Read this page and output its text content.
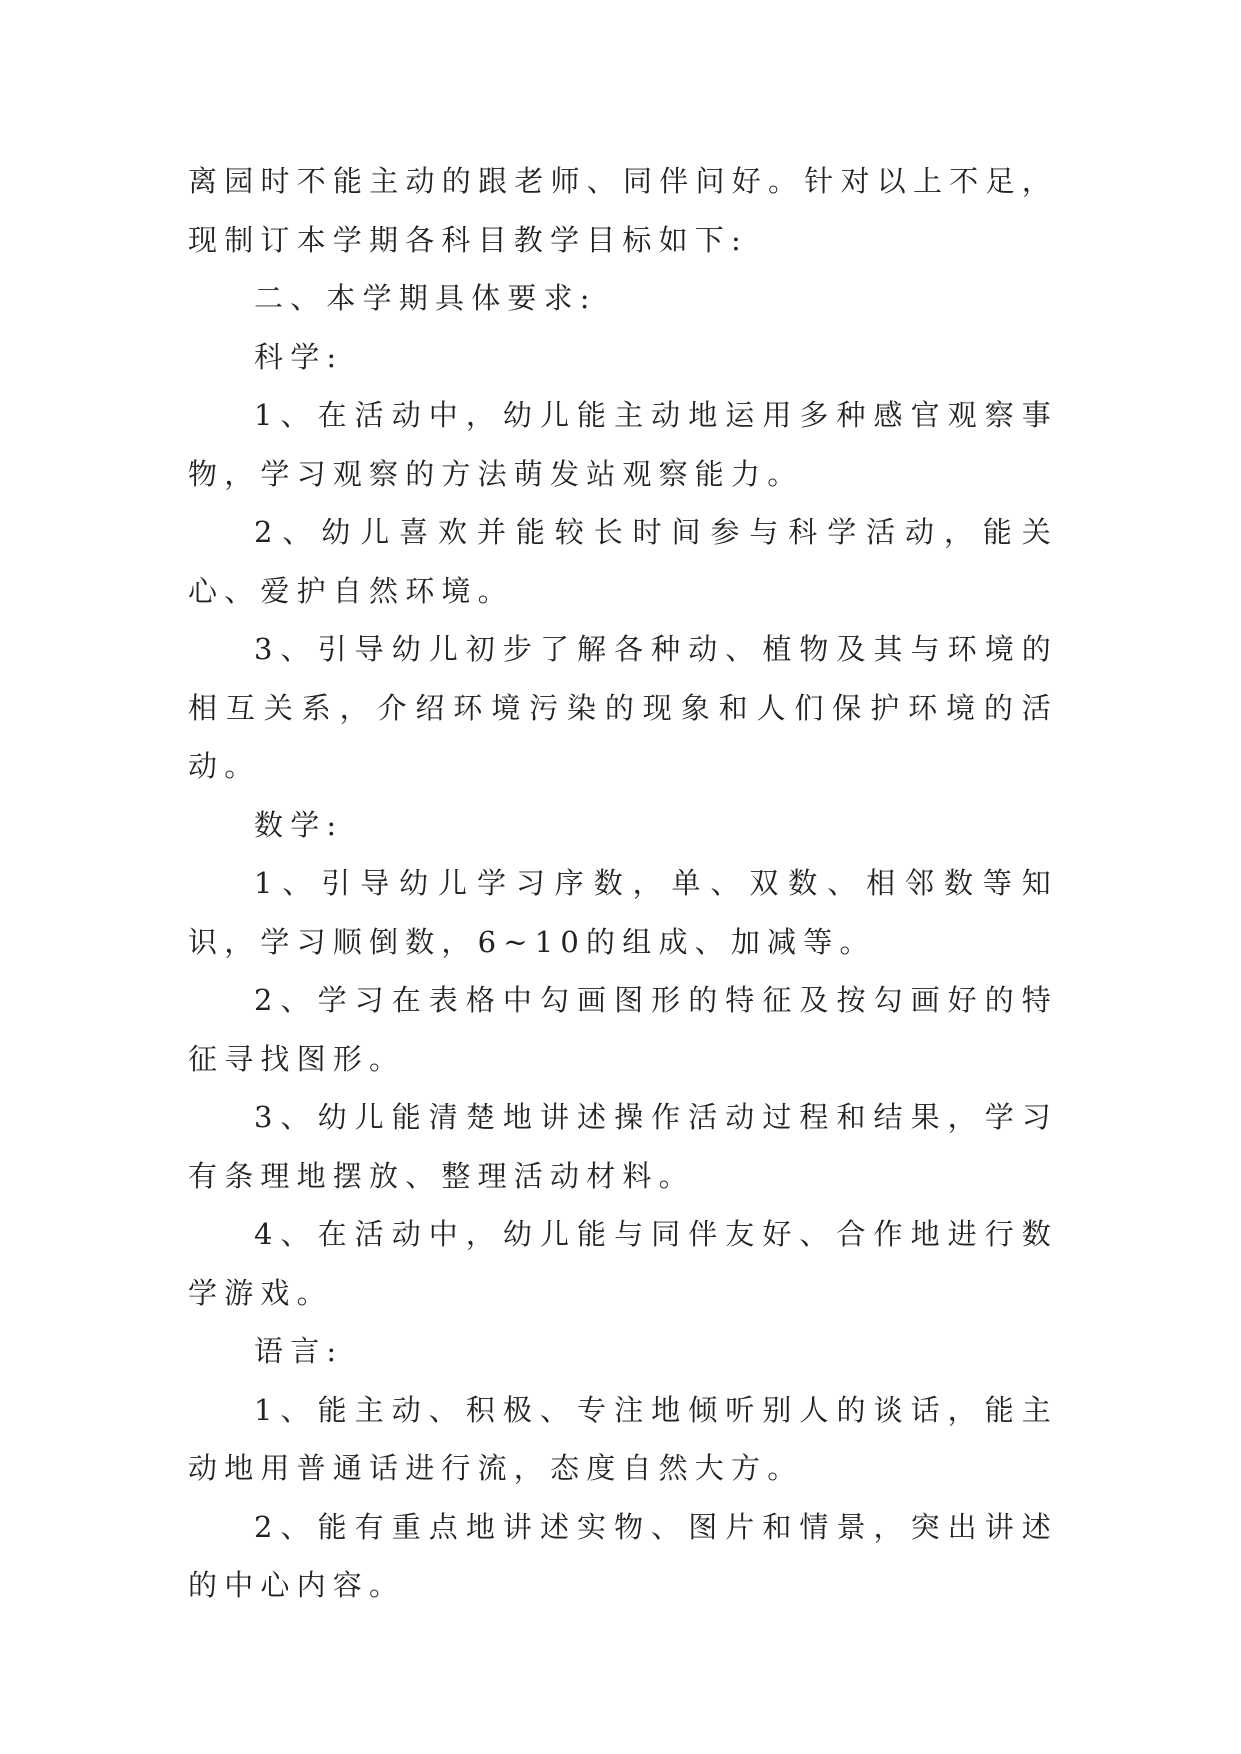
离园时不能主动的跟老师、同伴问好。针对以上不足，现制订本学期各科目教学目标如下:

二、本学期具体要求:

科学:

1、在活动中，幼儿能主动地运用多种感官观察事物，学习观察的方法萌发站观察能力。

2、幼儿喜欢并能较长时间参与科学活动，能关心、爱护自然环境。

3、引导幼儿初步了解各种动、植物及其与环境的相互关系，介绍环境污染的现象和人们保护环境的活动。

数学:

1、引导幼儿学习序数，单、双数、相邻数等知识，学习顺倒数，6~10的组成、加减等。

2、学习在表格中勾画图形的特征及按勾画好的特征寻找图形。

3、幼儿能清楚地讲述操作活动过程和结果，学习有条理地摆放、整理活动材料。

4、在活动中，幼儿能与同伴友好、合作地进行数学游戏。

语言:

1、能主动、积极、专注地倾听别人的谈话，能主动地用普通话进行流，态度自然大方。

2、能有重点地讲述实物、图片和情景，突出讲述的中心内容。
